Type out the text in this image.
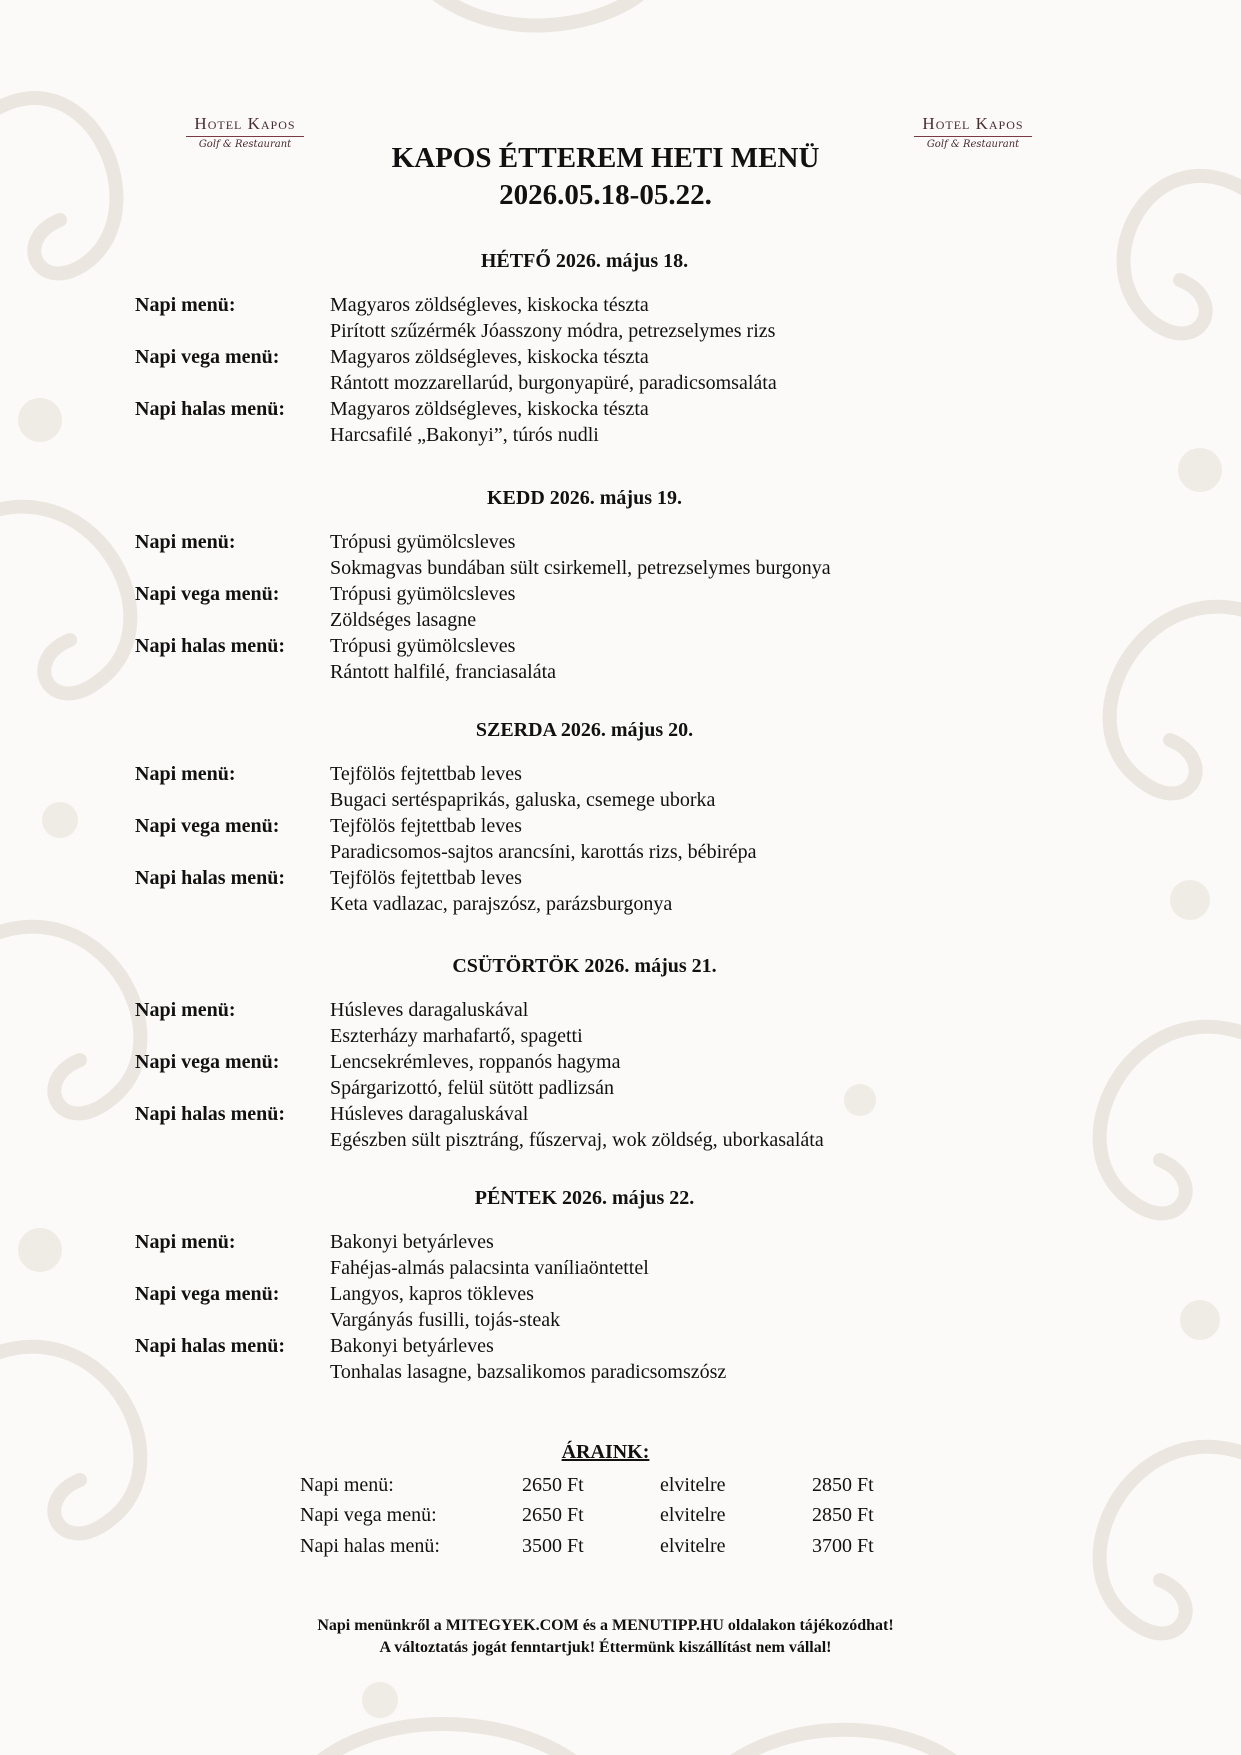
Hotel Kapos
Golf & Restaurant
Hotel Kapos
Golf & Restaurant
KAPOS ÉTTEREM HETI MENÜ
2026.05.18-05.22.
HÉTFŐ 2026. május 18.
Napi menü:	Magyaros zöldségleves, kiskocka tészta
Pirított szűzérmék Jóasszony módra, petrezselymes rizs
Napi vega menü:	Magyaros zöldségleves, kiskocka tészta
Rántott mozzarellarúd, burgonyapüré, paradicsomsaláta
Napi halas menü: Magyaros zöldségleves, kiskocka tészta
Harcsafilé „Bakonyi”, túrós nudli
KEDD 2026. május 19.
Napi menü:	Trópusi gyümölcsleves
Sokmagvas bundában sült csirkemell, petrezselymes burgonya
Napi vega menü:	Trópusi gyümölcsleves
Zöldséges lasagne
Napi halas menü: Trópusi gyümölcsleves
Rántott halfilé, franciasaláta
SZERDA 2026. május 20.
Napi menü:	Tejfölös fejtettbab leves
Bugaci sertéspaprikás, galuska, csemege uborka
Napi vega menü:	Tejfölös fejtettbab leves
Paradicsomos-sajtos arancsíni, karottás rizs, bébirépa
Napi halas menü: Tejfölös fejtettbab leves
Keta vadlazac, parajszósz, parázsburgonya
CSÜTÖRTÖK 2026. május 21.
Napi menü:	Húsleves daragaluskával
Eszterházy marhafartő, spagetti
Napi vega menü:	Lencsekrémleves, roppanós hagyma
Spárgarizottó, felül sütött padlizsán
Napi halas menü: Húsleves daragaluskával
Egészben sült pisztráng, fűszervaj, wok zöldség, uborkasaláta
PÉNTEK 2026. május 22.
Napi menü:	Bakonyi betyárleves
Fahéjas-almás palacsinta vaníliaöntettel
Napi vega menü:	Langyos, kapros tökleves
Vargányás fusilli, tojás-steak
Napi halas menü: Bakonyi betyárleves
Tonhalas lasagne, bazsalikomos paradicsomszósz
ÁRAINK:
Napi menü:	2650 Ft	elvitelre	2850 Ft
Napi vega menü:	2650 Ft	elvitelre	2850 Ft
Napi halas menü:	3500 Ft	elvitelre	3700 Ft
Napi menünkről a MITEGYEK.COM és a MENUTIPP.HU oldalakon tájékozódhat!
A változtatás jogát fenntartjuk! Éttermünk kiszállítást nem vállal!
